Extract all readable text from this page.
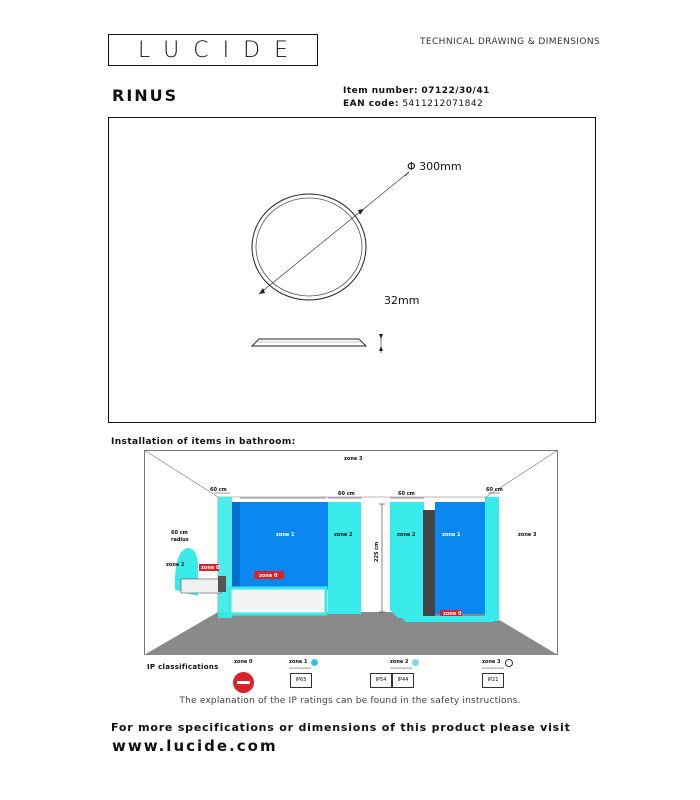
LUCIDE	TECHNICAL DRAWING & DIMENSIONS
RINUS	Item number: 07122/30/41
EAN code: 5411212071842
Φ 300mm
32mm
Installation of items in bathroom:
zone 3
60 cm
60 cm	60 cm
60 cm
60 cm
radius
zone 1	zone 2
zone 2	zone 0
zone 0
225 cm
zone 2	zone 1	zone 3
zone 0
IP classifications
zone 0	zone 1
recommended
IP65
zone 2
recommended
IP54	IP44
zone 3
recommended
IP21
The explanation of the IP ratings can be found in the safety instructions.
For more specifications or dimensions of this product please visit
www.lucide.com
